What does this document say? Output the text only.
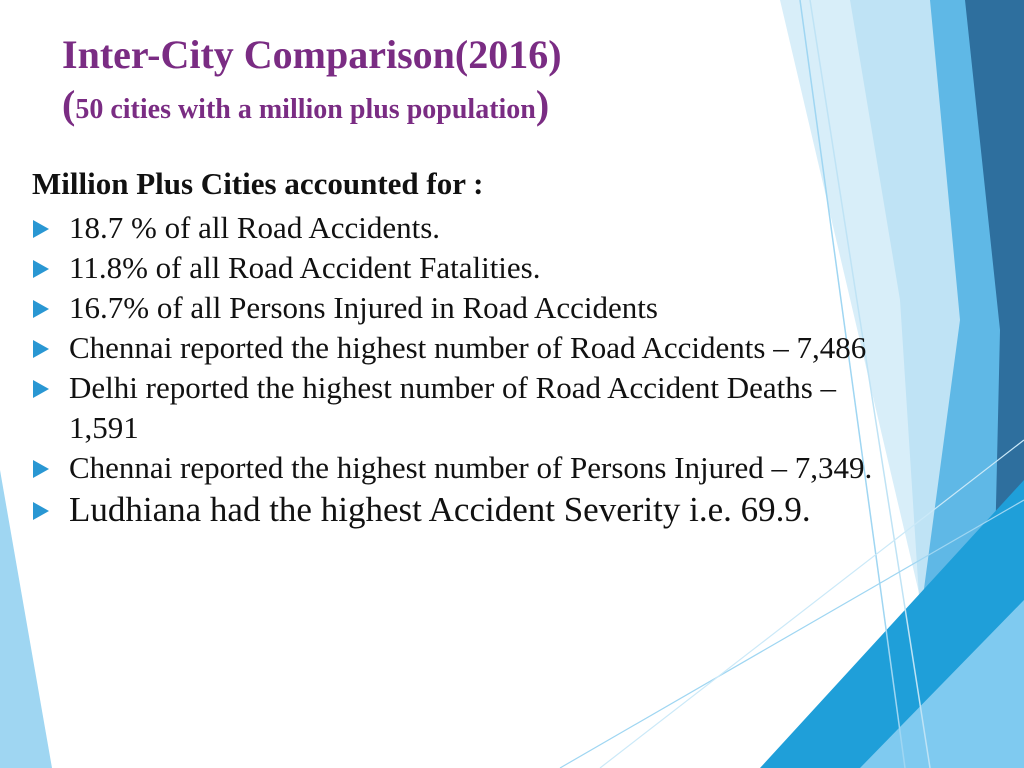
Inter-City Comparison(2016)
(50 cities with a million plus population)
Million Plus Cities accounted for :
18.7 % of all Road Accidents.
11.8% of all Road Accident Fatalities.
16.7% of all Persons Injured in Road Accidents
Chennai reported the highest number of Road Accidents – 7,486
Delhi reported the highest number of Road Accident Deaths – 1,591
Chennai reported the highest number of Persons Injured – 7,349.
Ludhiana had the highest Accident Severity i.e. 69.9.
